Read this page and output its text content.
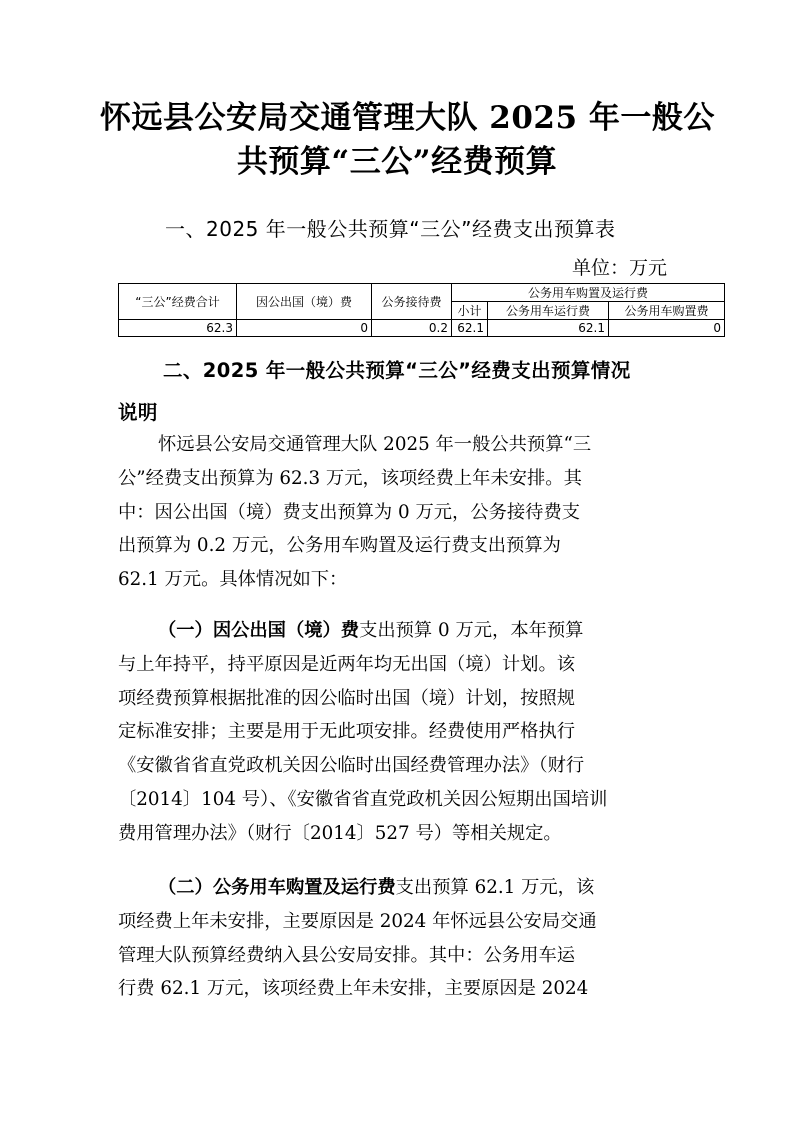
怀远县公安局交通管理大队 2025 年一般公
共预算“三公”经费预算
一、2025 年一般公共预算“三公”经费支出预算表
单位：万元
“三公”经费合计	因公出国（境）费	公务接待费	公务用车购置及运行费		
			小计	公务用车运行费	公务用车购置费
62.3	0	0.2	62.1	62.1	0
二、2025 年一般公共预算“三公”经费支出预算情况
说明
怀远县公安局交通管理大队 2025 年一般公共预算“三
公”经费支出预算为 62.3 万元，该项经费上年未安排。其
中：因公出国（境）费支出预算为 0 万元，公务接待费支
出预算为 0.2 万元，公务用车购置及运行费支出预算为
62.1 万元。具体情况如下：
（一）因公出国（境）费支出预算 0 万元，本年预算
与上年持平，持平原因是近两年均无出国（境）计划。该
项经费预算根据批准的因公临时出国（境）计划，按照规
定标准安排；主要是用于无此项安排。经费使用严格执行
《安徽省省直党政机关因公临时出国经费管理办法》（财行
〔2014〕104 号）、《安徽省省直党政机关因公短期出国培训
费用管理办法》（财行〔2014〕527 号）等相关规定。
（二）公务用车购置及运行费支出预算 62.1 万元，该
项经费上年未安排，主要原因是 2024 年怀远县公安局交通
管理大队预算经费纳入县公安局安排。其中：公务用车运
行费 62.1 万元，该项经费上年未安排，主要原因是 2024
